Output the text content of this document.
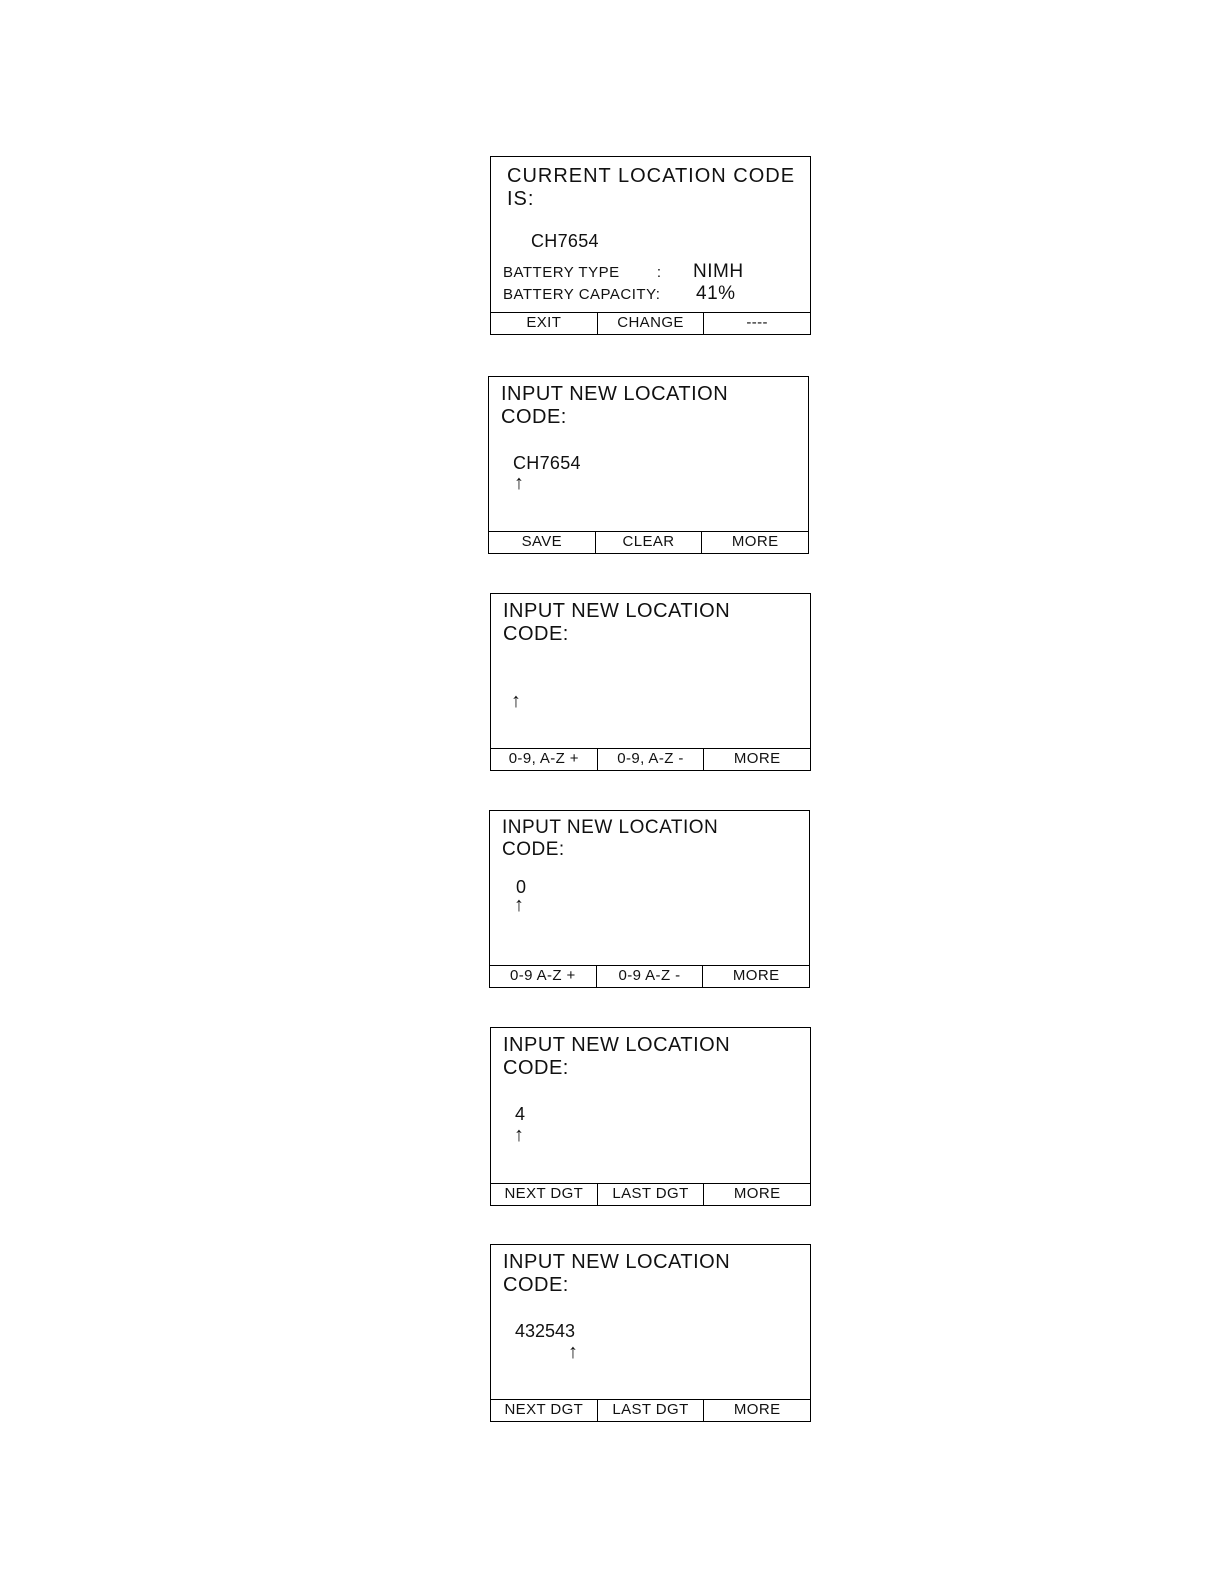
CURRENT LOCATION CODE
IS:
CH7654
BATTERY TYPE        : NIMH
BATTERY CAPACITY: 41%
EXIT	CHANGE	----
INPUT NEW LOCATION
CODE:
CH7654
↑
SAVE	CLEAR	MORE
INPUT NEW LOCATION
CODE:
↑
0-9, A-Z +	0-9, A-Z -	MORE
INPUT NEW LOCATION
CODE:
0
↑
0-9 A-Z +	0-9 A-Z -	MORE
INPUT NEW LOCATION
CODE:
4
↑
NEXT DGT	LAST DGT	MORE
INPUT NEW LOCATION
CODE:
432543
↑
NEXT DGT	LAST DGT	MORE
